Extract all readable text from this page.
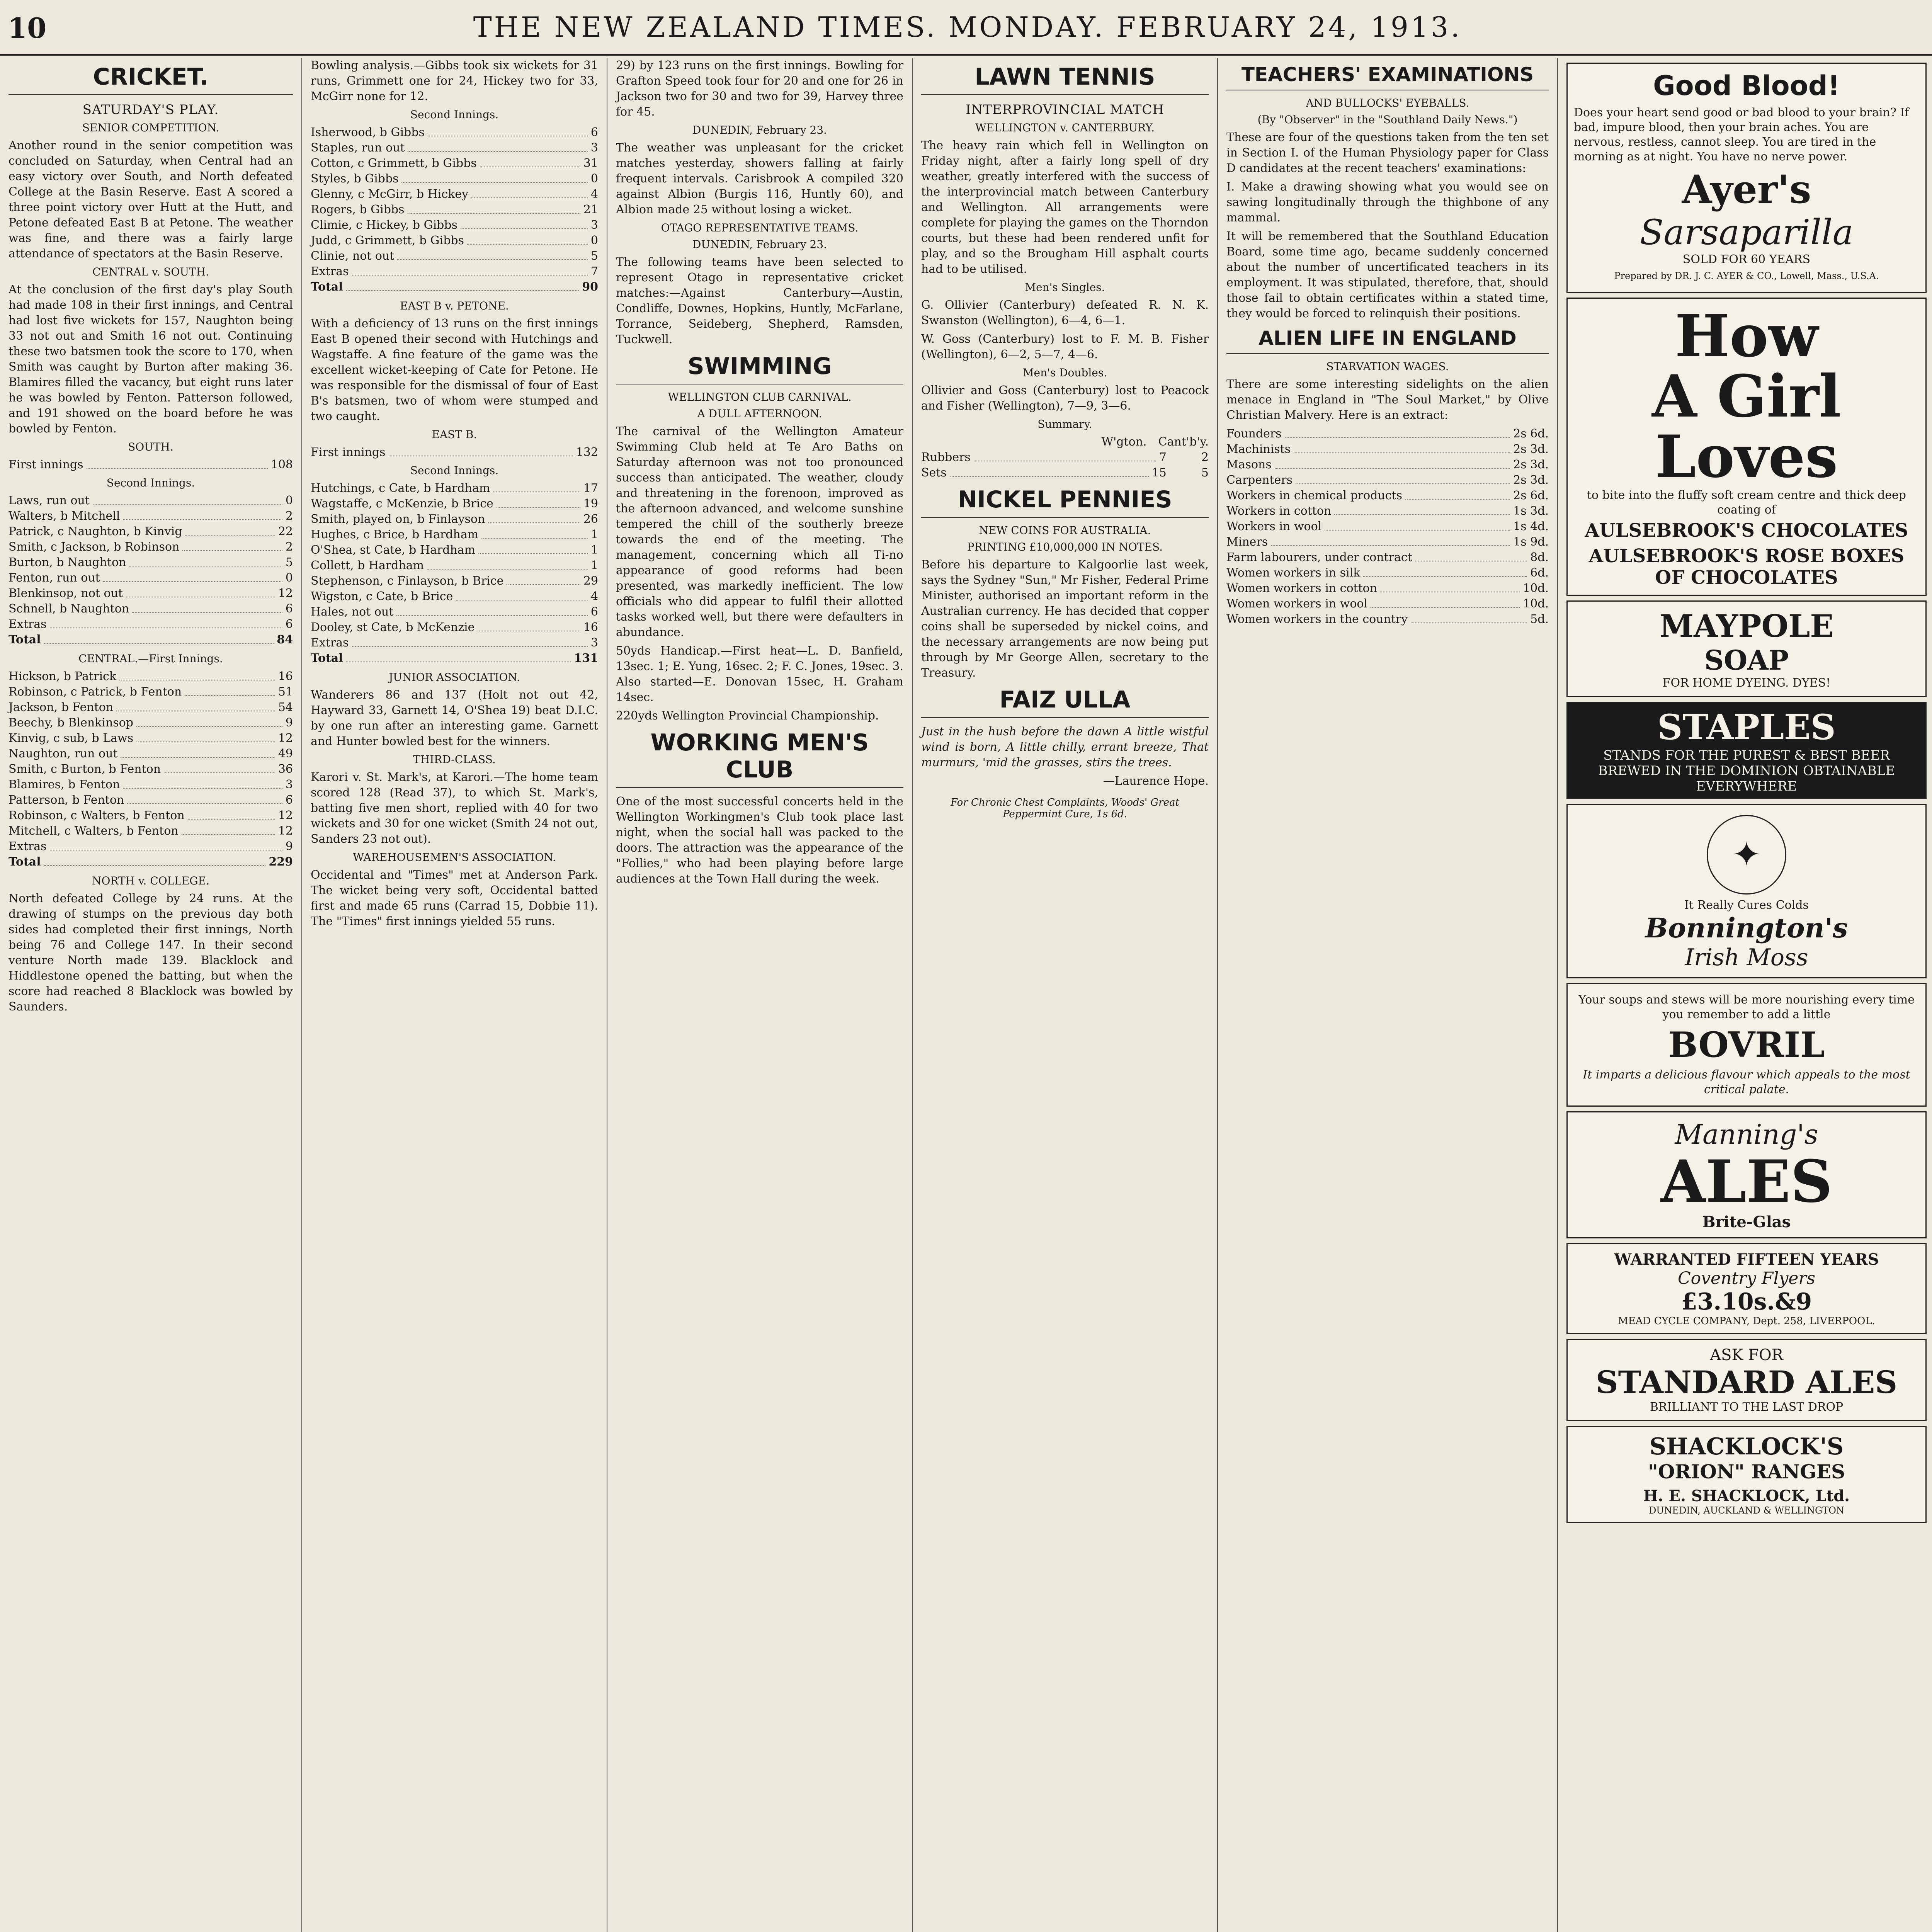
10	THE NEW ZEALAND TIMES. MONDAY. FEBRUARY 24, 1913.
CRICKET.
SATURDAY'S PLAY.
SENIOR COMPETITION.

Another round in the senior competition was concluded on Saturday, when Central had an easy victory over South, and North defeated College at the Basin Reserve. East A scored a three point victory over Hutt at the Hutt, and Petone defeated East B at Petone. The weather was fine, and there was a fairly large attendance of spectators at the Basin Reserve.

CENTRAL v. SOUTH.

At the conclusion of the first day's play South had made 108 in their first innings, and Central had lost five wickets for 157, Naughton being 33 not out and Smith 16 not out. Continuing these two batsmen took the score to 170, when Smith was caught by Burton after making 36. Blamires filled the vacancy, but eight runs later he was bowled by Fenton. Patterson followed, and 191 showed on the board before he was bowled by Fenton.

SOUTH.
First innings	108
Second Innings.
Laws, run out	0
Walters, b Mitchell	2
Patrick, c Naughton, b Kinvig	22
Smith, c Jackson, b Robinson	2
Burton, b Naughton	5
Fenton, run out	0
Blenkinsop, not out	12
Schnell, b Naughton	6
Extras	6
Total	84
CENTRAL.—First Innings.
Hickson, b Patrick	16
Robinson, c Patrick, b Fenton	51
Jackson, b Fenton	54
Beechy, b Blenkinsop	9
Kinvig, c sub, b Laws	12
Naughton, run out	49
Smith, c Burton, b Fenton	36
Blamires, b Fenton	3
Patterson, b Fenton	6
Robinson, c Walters, b Fenton	12
Mitchell, c Walters, b Fenton	12
Extras	9
Total	229
NORTH v. COLLEGE.

North defeated College by 24 runs. At the drawing of stumps on the previous day both sides had completed their first innings, North being 76 and College 147. In their second venture North made 139. Blacklock and Hiddlestone opened the batting, but when the score had reached 8 Blacklock was bowled by Saunders.

Bowling analysis.—Gibbs took six wickets for 31 runs, Grimmett one for 24, Hickey two for 33, McGirr none for 12.

Second Innings.
Isherwood, b Gibbs	6
Staples, run out	3
Cotton, c Grimmett, b Gibbs	31
Styles, b Gibbs	0
Glenny, c McGirr, b Hickey	4
Rogers, b Gibbs	21
Climie, c Hickey, b Gibbs	3
Judd, c Grimmett, b Gibbs	0
Clinie, not out	5
Extras	7
Total	90
EAST B v. PETONE.

With a deficiency of 13 runs on the first innings East B opened their second with Hutchings and Wagstaffe. A fine feature of the game was the excellent wicket-keeping of Cate for Petone. He was responsible for the dismissal of four of East B's batsmen, two of whom were stumped and two caught.

EAST B.
First innings	132
Second Innings.
Hutchings, c Cate, b Hardham	17
Wagstaffe, c McKenzie, b Brice	19
Smith, played on, b Finlayson	26
Hughes, c Brice, b Hardham	1
O'Shea, st Cate, b Hardham	1
Collett, b Hardham	1
Stephenson, c Finlayson, b Brice	29
Wigston, c Cate, b Brice	4
Hales, not out	6
Dooley, st Cate, b McKenzie	16
Extras	3
Total	131
JUNIOR ASSOCIATION.

Wanderers 86 and 137 (Holt not out 42, Hayward 33, Garnett 14, O'Shea 19) beat D.I.C. by one run after an interesting game. Garnett and Hunter bowled best for the winners.

THIRD-CLASS.

Karori v. St. Mark's, at Karori.—The home team scored 128 (Read 37), to which St. Mark's, batting five men short, replied with 40 for two wickets and 30 for one wicket (Smith 24 not out, Sanders 23 not out).

WAREHOUSEMEN'S ASSOCIATION.

Occidental and "Times" met at Anderson Park. The wicket being very soft, Occidental batted first and made 65 runs (Carrad 15, Dobbie 11). The "Times" first innings yielded 55 runs.

29) by 123 runs on the first innings. Bowling for Grafton Speed took four for 20 and one for 26 in Jackson two for 30 and two for 39, Harvey three for 45.

DUNEDIN, February 23.

The weather was unpleasant for the cricket matches yesterday, showers falling at fairly frequent intervals. Carisbrook A compiled 320 against Albion (Burgis 116, Huntly 60), and Albion made 25 without losing a wicket.

OTAGO REPRESENTATIVE TEAMS.
DUNEDIN, February 23.

The following teams have been selected to represent Otago in representative cricket matches:—Against Canterbury—Austin, Condliffe, Downes, Hopkins, Huntly, McFarlane, Torrance, Seideberg, Shepherd, Ramsden, Tuckwell.

SWIMMING
WELLINGTON CLUB CARNIVAL.
A DULL AFTERNOON.

The carnival of the Wellington Amateur Swimming Club held at Te Aro Baths on Saturday afternoon was not too pronounced success than anticipated. The weather, cloudy and threatening in the forenoon, improved as the afternoon advanced, and welcome sunshine tempered the chill of the southerly breeze towards the end of the meeting. The management, concerning which all Ti-no appearance of good reforms had been presented, was markedly inefficient. The low officials who did appear to fulfil their allotted tasks worked well, but there were defaulters in abundance.

50yds Handicap.—First heat—L. D. Banfield, 13sec. 1; E. Yung, 16sec. 2; F. C. Jones, 19sec. 3. Also started—E. Donovan 15sec, H. Graham 14sec.

220yds Wellington Provincial Championship.

WORKING MEN'S CLUB

One of the most successful concerts held in the Wellington Workingmen's Club took place last night, when the social hall was packed to the doors. The attraction was the appearance of the "Follies," who had been playing before large audiences at the Town Hall during the week.

LAWN TENNIS
INTERPROVINCIAL MATCH
WELLINGTON v. CANTERBURY.

The heavy rain which fell in Wellington on Friday night, after a fairly long spell of dry weather, greatly interfered with the success of the interprovincial match between Canterbury and Wellington. All arrangements were complete for playing the games on the Thorndon courts, but these had been rendered unfit for play, and so the Brougham Hill asphalt courts had to be utilised.

Men's Singles.

G. Ollivier (Canterbury) defeated R. N. K. Swanston (Wellington), 6—4, 6—1.

W. Goss (Canterbury) lost to F. M. B. Fisher (Wellington), 6—2, 5—7, 4—6.

Men's Doubles.

Ollivier and Goss (Canterbury) lost to Peacock and Fisher (Wellington), 7—9, 3—6.

Summary.
W'gton. Cant'b'y.
Rubbers	7	2
Sets	15	5
NICKEL PENNIES
NEW COINS FOR AUSTRALIA.
PRINTING £10,000,000 IN NOTES.

Before his departure to Kalgoorlie last week, says the Sydney "Sun," Mr Fisher, Federal Prime Minister, authorised an important reform in the Australian currency. He has decided that copper coins shall be superseded by nickel coins, and the necessary arrangements are now being put through by Mr George Allen, secretary to the Treasury.

FAIZ ULLA

Just in the hush before the dawn A little wistful wind is born, A little chilly, errant breeze, That murmurs, 'mid the grasses, stirs the trees.

—Laurence Hope.

For Chronic Chest Complaints, Woods' Great Peppermint Cure, 1s 6d.

TEACHERS' EXAMINATIONS
AND BULLOCKS' EYEBALLS.
(By "Observer" in the "Southland Daily News.")

These are four of the questions taken from the ten set in Section I. of the Human Physiology paper for Class D candidates at the recent teachers' examinations:

I. Make a drawing showing what you would see on sawing longitudinally through the thighbone of any mammal.

It will be remembered that the Southland Education Board, some time ago, became suddenly concerned about the number of uncertificated teachers in its employment. It was stipulated, therefore, that, should those fail to obtain certificates within a stated time, they would be forced to relinquish their positions.

ALIEN LIFE IN ENGLAND
STARVATION WAGES.

There are some interesting sidelights on the alien menace in England in "The Soul Market," by Olive Christian Malvery. Here is an extract:

Founders	2s 6d.
Machinists	2s 3d.
Masons	2s 3d.
Carpenters	2s 3d.
Workers in chemical products	2s 6d.
Workers in cotton	1s 3d.
Workers in wool	1s 4d.
Miners	1s 9d.
Farm labourers, under contract	8d.
Women workers in silk	6d.
Women workers in cotton	10d.
Women workers in wool	10d.
Women workers in the country	5d.
Good Blood!

Does your heart send good or bad blood to your brain? If bad, impure blood, then your brain aches. You are nervous, restless, cannot sleep. You are tired in the morning as at night. You have no nerve power.

Ayer's
Sarsaparilla
SOLD FOR 60 YEARS

Prepared by DR. J. C. AYER & CO., Lowell, Mass., U.S.A.

How
A Girl
Loves

to bite into the fluffy soft cream centre and thick deep coating of

AULSEBROOK'S CHOCOLATES
AULSEBROOK'S ROSE BOXES OF CHOCOLATES
MAYPOLE
SOAP
FOR HOME DYEING. DYES!
STAPLES
STANDS FOR THE PUREST & BEST BEER BREWED IN THE DOMINION OBTAINABLE EVERYWHERE
✦
It Really Cures Colds
Bonnington's
Irish Moss

Your soups and stews will be more nourishing every time you remember to add a little

BOVRIL

It imparts a delicious flavour which appeals to the most critical palate.

Manning's
ALES
Brite-Glas
WARRANTED FIFTEEN YEARS
Coventry Flyers
£3.10s.&9
MEAD CYCLE COMPANY, Dept. 258, LIVERPOOL.
ASK FOR
STANDARD ALES
BRILLIANT TO THE LAST DROP
SHACKLOCK'S
"ORION" RANGES
H. E. SHACKLOCK, Ltd.
DUNEDIN, AUCKLAND & WELLINGTON
